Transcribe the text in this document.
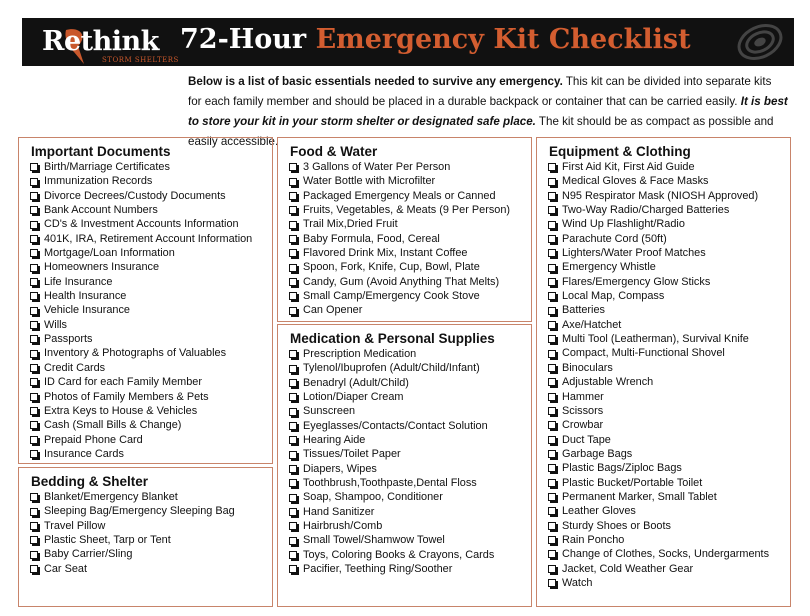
Rethink
STORM SHELTERS
72-Hour Emergency Kit Checklist
Below is a list of basic essentials needed to survive any emergency. This kit can be divided into separate kits for each family member and should be placed in a durable backpack or container that can be carried easily. It is best to store your kit in your storm shelter or designated safe place. The kit should be as compact as possible and easily accessible.
Important Documents
Birth/Marriage Certificates
Immunization Records
Divorce Decrees/Custody Documents
Bank Account Numbers
CD's & Investment Accounts Information
401K, IRA, Retirement Account Information
Mortgage/Loan Information
Homeowners Insurance
Life Insurance
Health Insurance
Vehicle Insurance
Wills
Passports
Inventory & Photographs of Valuables
Credit Cards
ID Card for each Family Member
Photos of Family Members & Pets
Extra Keys to House & Vehicles
Cash (Small Bills & Change)
Prepaid Phone Card
Insurance Cards
Bedding & Shelter
Blanket/Emergency Blanket
Sleeping Bag/Emergency Sleeping Bag
Travel Pillow
Plastic Sheet, Tarp or Tent
Baby Carrier/Sling
Car Seat
Food & Water
3 Gallons of Water Per Person
Water Bottle with Microfilter
Packaged Emergency Meals or Canned
Fruits, Vegetables, & Meats (9 Per Person)
Trail Mix,Dried Fruit
Baby Formula, Food, Cereal
Flavored Drink Mix, Instant Coffee
Spoon, Fork, Knife, Cup, Bowl, Plate
Candy, Gum (Avoid Anything That Melts)
Small Camp/Emergency Cook Stove
Can Opener
Medication & Personal Supplies
Prescription Medication
Tylenol/Ibuprofen (Adult/Child/Infant)
Benadryl (Adult/Child)
Lotion/Diaper Cream
Sunscreen
Eyeglasses/Contacts/Contact Solution
Hearing Aide
Tissues/Toilet Paper
Diapers, Wipes
Toothbrush,Toothpaste,Dental Floss
Soap, Shampoo, Conditioner
Hand Sanitizer
Hairbrush/Comb
Small Towel/Shamwow Towel
Toys, Coloring Books & Crayons, Cards
Pacifier, Teething Ring/Soother
Equipment & Clothing
First Aid Kit, First Aid Guide
Medical Gloves & Face Masks
N95 Respirator Mask (NIOSH Approved)
Two-Way Radio/Charged Batteries
Wind Up Flashlight/Radio
Parachute Cord (50ft)
Lighters/Water Proof Matches
Emergency Whistle
Flares/Emergency Glow Sticks
Local Map, Compass
Batteries
Axe/Hatchet
Multi Tool (Leatherman), Survival Knife
Compact, Multi-Functional Shovel
Binoculars
Adjustable Wrench
Hammer
Scissors
Crowbar
Duct Tape
Garbage Bags
Plastic Bags/Ziploc Bags
Plastic Bucket/Portable Toilet
Permanent Marker, Small Tablet
Leather Gloves
Sturdy Shoes or Boots
Rain Poncho
Change of Clothes, Socks, Undergarments
Jacket, Cold Weather Gear
Watch
